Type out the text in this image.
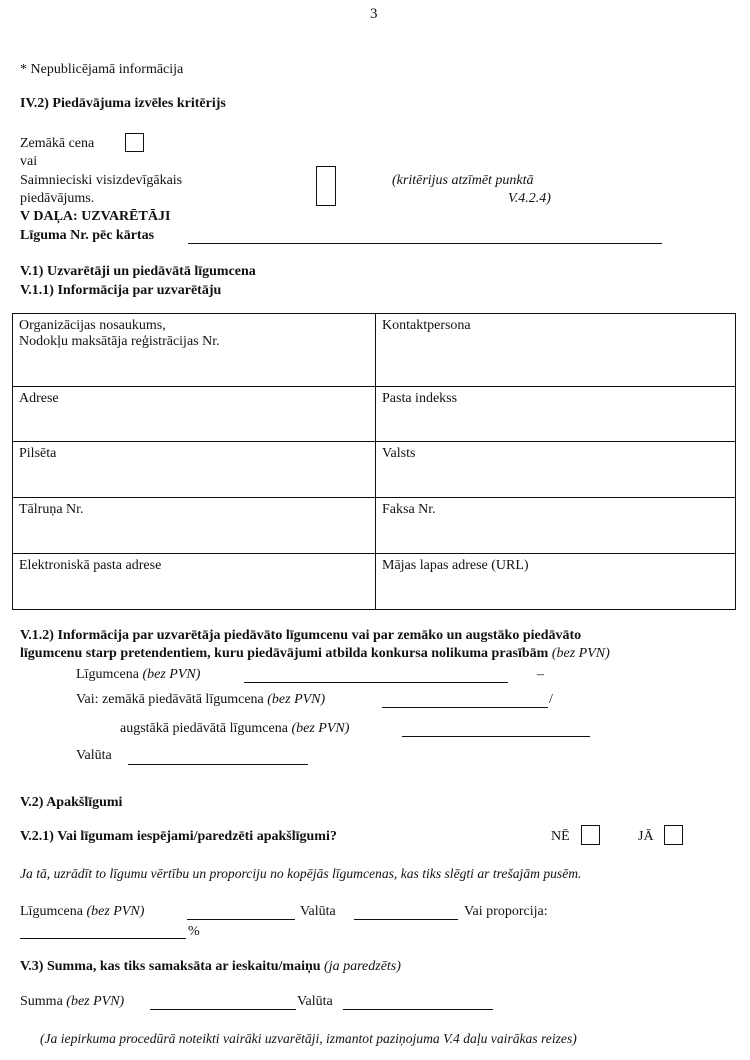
3
* Nepublicējamā informācija
IV.2) Piedāvājuma izvēles kritērijs
Zemākā cena
vai
Saimnieciski visizdevīgākais
piedāvājums.
(kritērijus atzīmēt punktā
V.4.2.4)
V DAĻA: UZVARĒTĀJI
Līguma Nr. pēc kārtas
V.1) Uzvarētāji un piedāvātā līgumcena
V.1.1) Informācija par uzvarētāju
Organizācijas nosaukums,
Nodokļu maksātāja reģistrācijas Nr.	Kontaktpersona

Adrese	Pasta indekss

Pilsēta	Valsts

Tālruņa Nr.	Faksa Nr.

Elektroniskā pasta adrese	Mājas lapas adrese (URL)
V.1.2) Informācija par uzvarētāja piedāvāto līgumcenu vai par zemāko un augstāko piedāvāto
līgumcenu starp pretendentiem, kuru piedāvājumi atbilda konkursa nolikuma prasībām (bez PVN)
Līgumcena (bez PVN)	–
Vai: zemākā piedāvātā līgumcena (bez PVN)	/
augstākā piedāvātā līgumcena (bez PVN)
Valūta
V.2) Apakšlīgumi
V.2.1) Vai līgumam iespējami/paredzēti apakšlīgumi?	NĒ	JĀ
Ja tā, uzrādīt to līgumu vērtību un proporciju no kopējās līgumcenas, kas tiks slēgti ar trešajām pusēm.
Līgumcena (bez PVN)	Valūta	Vai proporcija:
%
V.3) Summa, kas tiks samaksāta ar ieskaitu/maiņu (ja paredzēts)
Summa (bez PVN)	Valūta
(Ja iepirkuma procedūrā noteikti vairāki uzvarētāji, izmantot paziņojuma V.4 daļu vairākas reizes)
